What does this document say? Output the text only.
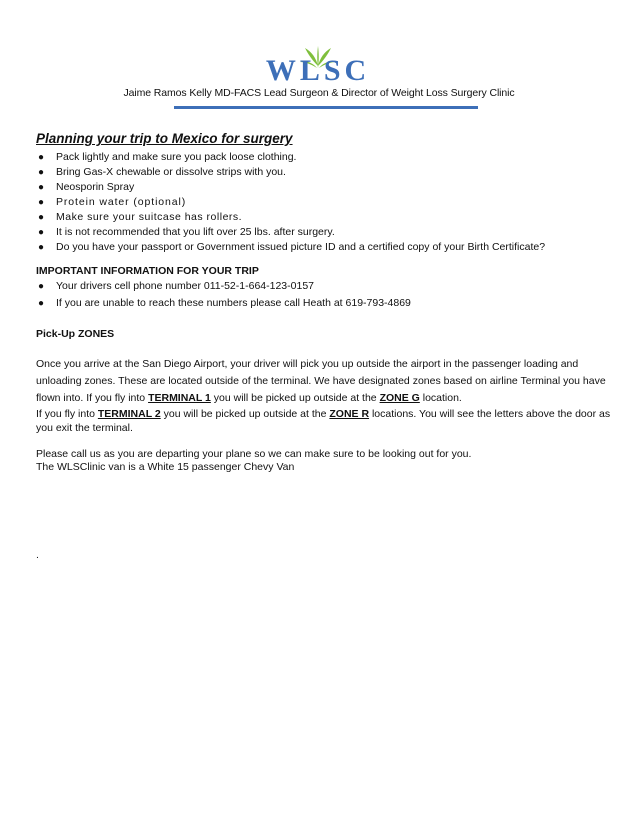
WLSC
Jaime Ramos Kelly MD-FACS Lead Surgeon & Director of Weight Loss Surgery Clinic
Planning your trip to Mexico for surgery
● Pack lightly and make sure you pack loose clothing.
● Bring Gas-X chewable or dissolve strips with you.
● Neosporin Spray
● Protein water (optional)
● Make sure your suitcase has rollers.
● It is not recommended that you lift over 25 lbs. after surgery.
● Do you have your passport or Government issued picture ID and a certified copy of your Birth Certificate?
IMPORTANT INFORMATION FOR YOUR TRIP
● Your drivers cell phone number 011-52-1-664-123-0157
● If you are unable to reach these numbers please call Heath at 619-793-4869
Pick-Up ZONES

Once you arrive at the San Diego Airport, your driver will pick you up outside the airport in the passenger loading and unloading zones. These are located outside of the terminal. We have designated zones based on airline Terminal you have flown into. If you fly into TERMINAL 1 you will be picked up outside at the ZONE G location.

If you fly into TERMINAL 2 you will be picked up outside at the ZONE R locations. You will see the letters above the door as you exit the terminal.

Please call us as you are departing your plane so we can make sure to be looking out for you.

The WLSClinic van is a White 15 passenger Chevy Van

.
